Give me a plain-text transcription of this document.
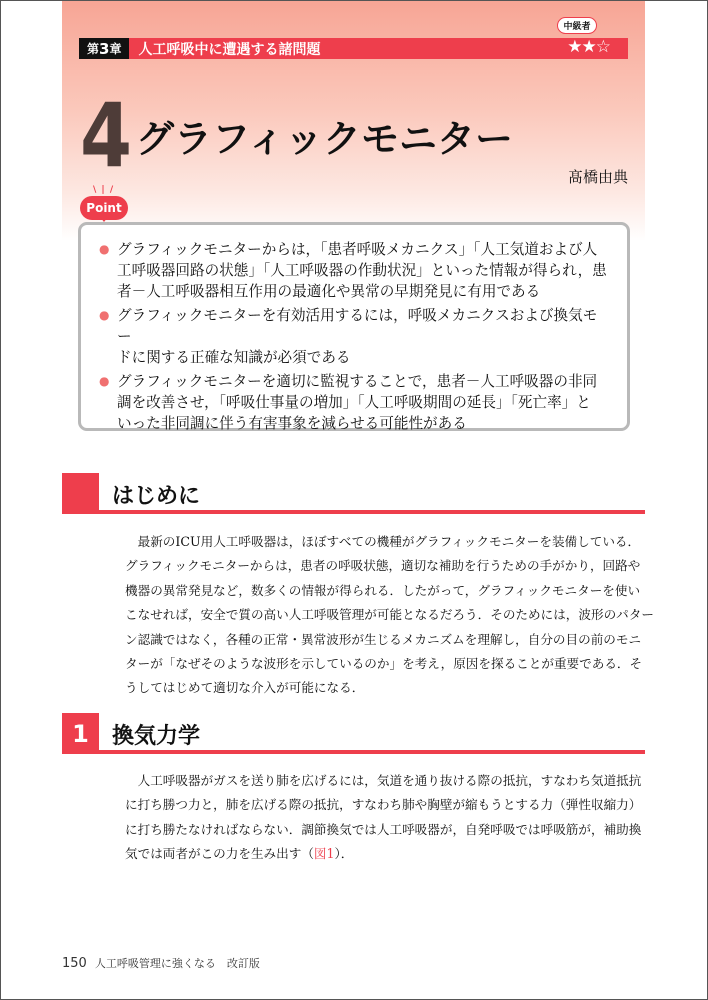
第 3 章 人工呼吸中に遭遇する諸問題	★★☆
中級者
4 グラフィックモニター
髙橋由典
\ | /
Point
● グラフィックモニターからは，「患者呼吸メカニクス」「人工気道および人
工呼吸器回路の状態」「人工呼吸器の作動状況」といった情報が得られ，患
者－人工呼吸器相互作用の最適化や異常の早期発見に有用である
● グラフィックモニターを有効活用するには，呼吸メカニクスおよび換気モー
ドに関する正確な知識が必須である
● グラフィックモニターを適切に監視することで，患者－人工呼吸器の非同
調を改善させ，「呼吸仕事量の増加」「人工呼吸期間の延長」「死亡率」と
いった非同調に伴う有害事象を減らせる可能性がある
はじめに
　最新のICU用人工呼吸器は，ほぼすべての機種がグラフィックモニターを装備している．
グラフィックモニターからは，患者の呼吸状態，適切な補助を行うための手がかり，回路や
機器の異常発見など，数多くの情報が得られる．したがって，グラフィックモニターを使い
こなせれば，安全で質の高い人工呼吸管理が可能となるだろう．そのためには，波形のパター
ン認識ではなく，各種の正常・異常波形が生じるメカニズムを理解し，自分の目の前のモニ
ターが「なぜそのような波形を示しているのか」を考え，原因を探ることが重要である．そ
うしてはじめて適切な介入が可能になる．
1	換気力学
　人工呼吸器がガスを送り肺を広げるには，気道を通り抜ける際の抵抗，すなわち気道抵抗
に打ち勝つ力と，肺を広げる際の抵抗，すなわち肺や胸壁が縮もうとする力（弾性収縮力）
に打ち勝たなければならない．調節換気では人工呼吸器が，自発呼吸では呼吸筋が，補助換
気では両者がこの力を生み出す（図1）．
150 人工呼吸管理に強くなる　改訂版
